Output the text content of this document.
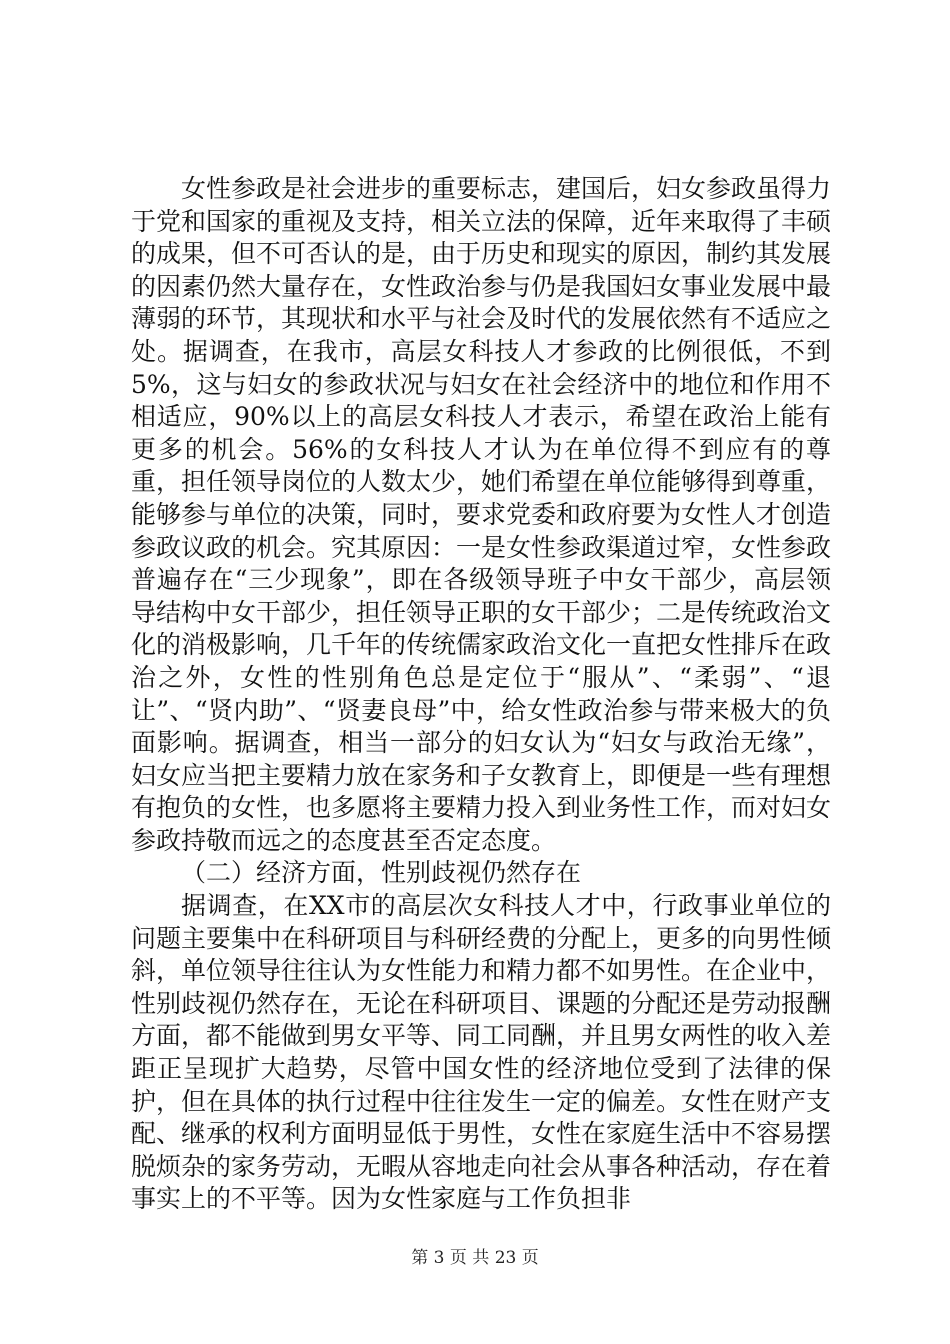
女性参政是社会进步的重要标志，建国后，妇女参政虽得力于党和国家的重视及支持，相关立法的保障，近年来取得了丰硕的成果，但不可否认的是，由于历史和现实的原因，制约其发展的因素仍然大量存在，女性政治参与仍是我国妇女事业发展中最薄弱的环节，其现状和水平与社会及时代的发展依然有不适应之处。据调查，在我市，高层女科技人才参政的比例很低，不到5%，这与妇女的参政状况与妇女在社会经济中的地位和作用不相适应，90%以上的高层女科技人才表示，希望在政治上能有更多的机会。56%的女科技人才认为在单位得不到应有的尊重，担任领导岗位的人数太少，她们希望在单位能够得到尊重，能够参与单位的决策，同时，要求党委和政府要为女性人才创造参政议政的机会。究其原因：一是女性参政渠道过窄，女性参政普遍存在“三少现象”，即在各级领导班子中女干部少，高层领导结构中女干部少，担任领导正职的女干部少；二是传统政治文化的消极影响，几千年的传统儒家政治文化一直把女性排斥在政治之外，女性的性别角色总是定位于“服从”、“柔弱”、“退让”、“贤内助”、“贤妻良母”中，给女性政治参与带来极大的负面影响。据调查，相当一部分的妇女认为“妇女与政治无缘”，妇女应当把主要精力放在家务和子女教育上，即便是一些有理想有抱负的女性，也多愿将主要精力投入到业务性工作，而对妇女参政持敬而远之的态度甚至否定态度。

（二）经济方面，性别歧视仍然存在

据调查，在XX市的高层次女科技人才中，行政事业单位的问题主要集中在科研项目与科研经费的分配上，更多的向男性倾斜，单位领导往往认为女性能力和精力都不如男性。在企业中，性别歧视仍然存在，无论在科研项目、课题的分配还是劳动报酬方面，都不能做到男女平等、同工同酬，并且男女两性的收入差距正呈现扩大趋势，尽管中国女性的经济地位受到了法律的保护，但在具体的执行过程中往往发生一定的偏差。女性在财产支配、继承的权利方面明显低于男性，女性在家庭生活中不容易摆脱烦杂的家务劳动，无暇从容地走向社会从事各种活动，存在着事实上的不平等。因为女性家庭与工作负担非

第 3 页 共 23 页
